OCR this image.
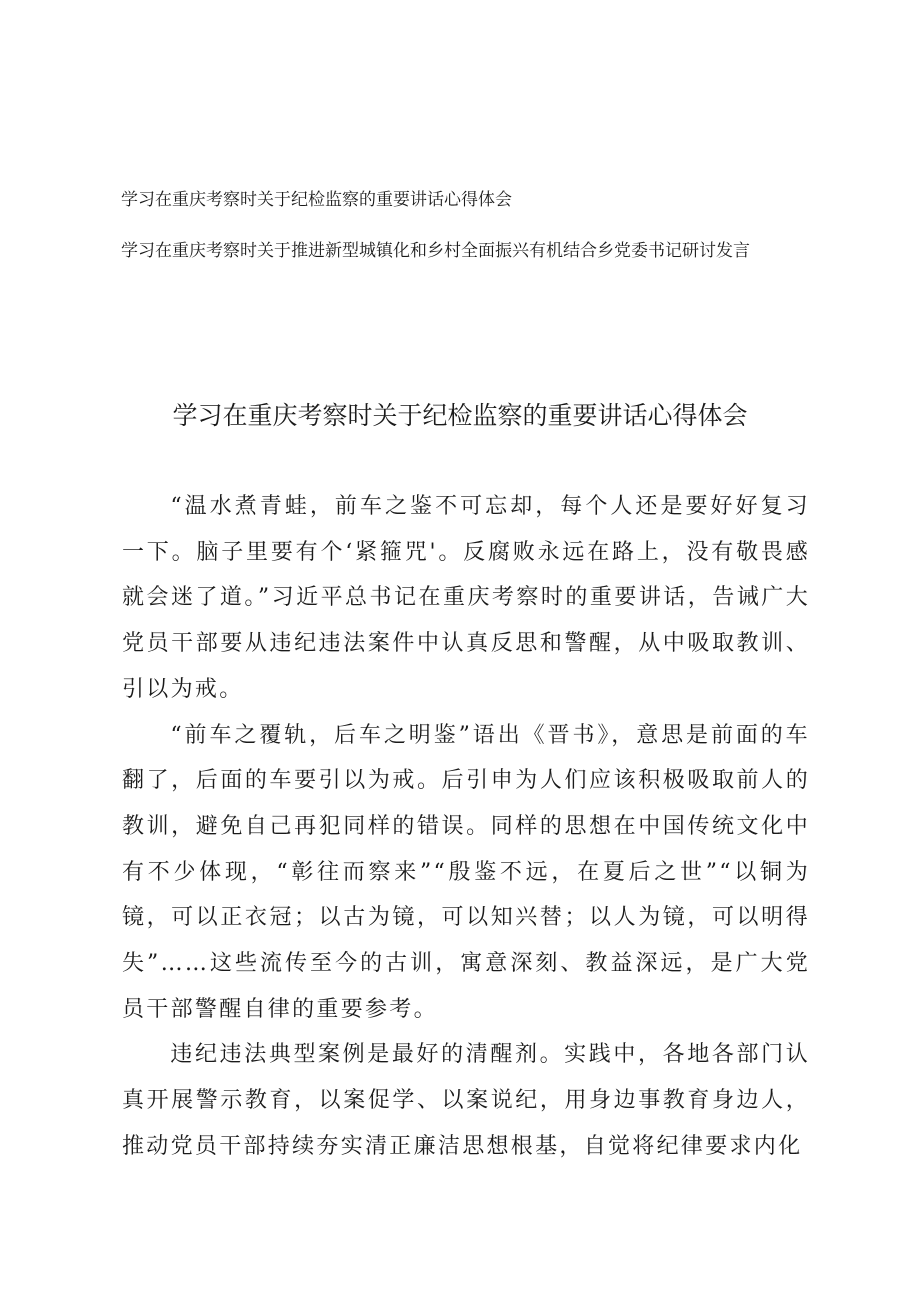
学习在重庆考察时关于纪检监察的重要讲话心得体会

学习在重庆考察时关于推进新型城镇化和乡村全面振兴有机结合乡党委书记研讨发言

学习在重庆考察时关于纪检监察的重要讲话心得体会

“温水煮青蛙，前车之鉴不可忘却，每个人还是要好好复习一下。脑子里要有个‘紧箍咒'。反腐败永远在路上，没有敬畏感就会迷了道。”习近平总书记在重庆考察时的重要讲话，告诫广大党员干部要从违纪违法案件中认真反思和警醒，从中吸取教训、引以为戒。

“前车之覆轨，后车之明鉴”语出《晋书》，意思是前面的车翻了，后面的车要引以为戒。后引申为人们应该积极吸取前人的教训，避免自己再犯同样的错误。同样的思想在中国传统文化中有不少体现，“彰往而察来”“殷鉴不远，在夏后之世”“以铜为镜，可以正衣冠；以古为镜，可以知兴替；以人为镜，可以明得失”……这些流传至今的古训，寓意深刻、教益深远，是广大党员干部警醒自律的重要参考。

违纪违法典型案例是最好的清醒剂。实践中，各地各部门认真开展警示教育，以案促学、以案说纪，用身边事教育身边人，推动党员干部持续夯实清正廉洁思想根基，自觉将纪律要求内化
